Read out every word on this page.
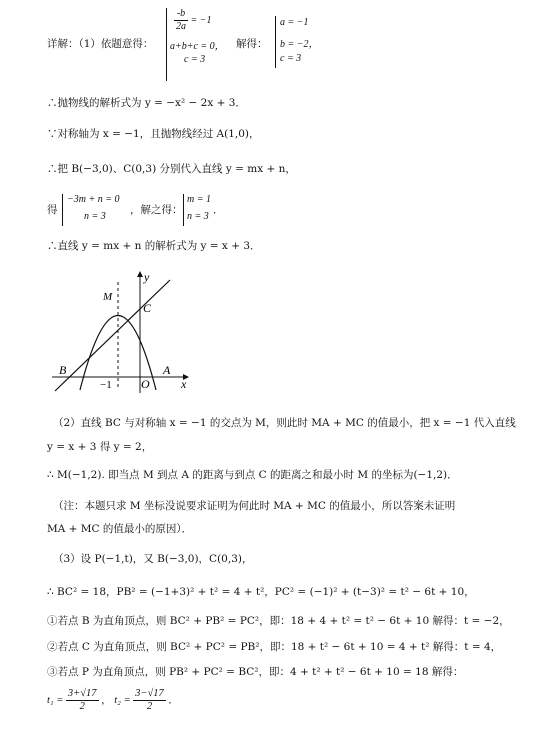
详解：（1）依题意得：
$\frac{-b}{2a} = -1$
a+b+c = 0，
c = 3
解得：
a = −1
b = −2，
c = 3
∴抛物线的解析式为 y = −x² − 2x + 3．
∵对称轴为 x = −1，且抛物线经过 A(1,0)，
∴把 B(−3,0)、C(0,3) 分别代入直线 y = mx + n，
得
−3m + n = 0
n = 3
，解之得：
m = 1
n = 3
．
∴直线 y = mx + n 的解析式为 y = x + 3．
y
x
M
C
B	A
O
−1
（2）直线 BC 与对称轴 x = −1 的交点为 M，则此时 MA + MC 的值最小，把 x = −1 代入直线
y = x + 3 得 y = 2，
∴ M(−1,2). 即当点 M 到点 A 的距离与到点 C 的距离之和最小时 M 的坐标为(−1,2)．
（注：本题只求 M 坐标没说要求证明为何此时 MA + MC 的值最小，所以答案未证明
MA + MC 的值最小的原因）．
（3）设 P(−1,t)，又 B(−3,0)，C(0,3)，
∴ BC² = 18，PB² = (−1+3)² + t² = 4 + t²，PC² = (−1)² + (t−3)² = t² − 6t + 10，
①若点 B 为直角顶点，则 BC² + PB² = PC²，即：18 + 4 + t² = t² − 6t + 10 解得：t = −2，
②若点 C 为直角顶点，则 BC² + PC² = PB²，即：18 + t² − 6t + 10 = 4 + t² 解得：t = 4，
③若点 P 为直角顶点，则 PB² + PC² = BC²，即：4 + t² + t² − 6t + 10 = 18 解得：
$t_1 = \frac{3+√17}{2}$ ， $t_2 = \frac{3-√17}{2}$ ．
